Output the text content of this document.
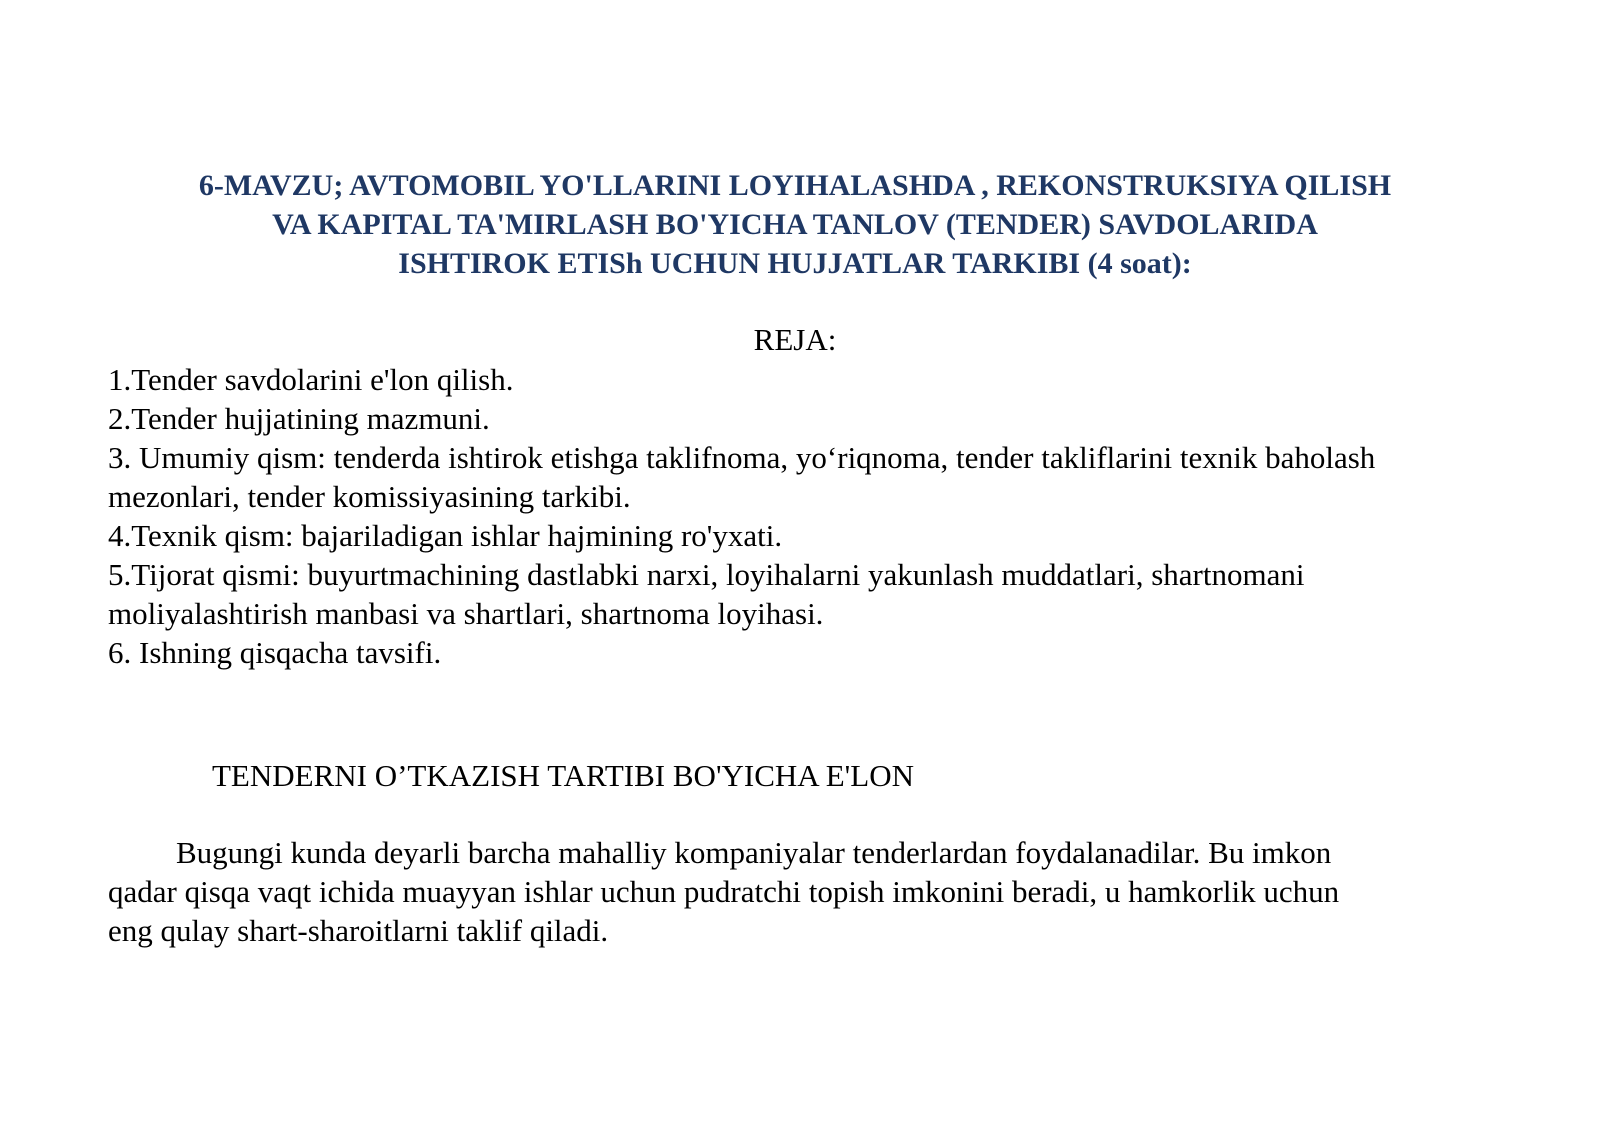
6-MAVZU; AVTOMOBIL YO'LLARINI LOYIHALASHDA , REKONSTRUKSIYA QILISH
VA KAPITAL TA'MIRLASH BO'YICHA TANLOV (TENDER) SAVDOLARIDA
ISHTIROK ETISh UCHUN HUJJATLAR TARKIBI (4 soat):
REJA:
1.Tender savdolarini e'lon qilish.
2.Tender hujjatining mazmuni.
3. Umumiy qism: tenderda ishtirok etishga taklifnoma, yo‘riqnoma, tender takliflarini texnik baholash mezonlari, tender komissiyasining tarkibi.
4.Texnik qism: bajariladigan ishlar hajmining ro'yxati.
5.Tijorat qismi: buyurtmachining dastlabki narxi, loyihalarni yakunlash muddatlari, shartnomani moliyalashtirish manbasi va shartlari, shartnoma loyihasi.
6. Ishning qisqacha tavsifi.
TENDERNI O’TKAZISH TARTIBI BO'YICHA E'LON
Bugungi kunda deyarli barcha mahalliy kompaniyalar tenderlardan foydalanadilar. Bu imkon
qadar qisqa vaqt ichida muayyan ishlar uchun pudratchi topish imkonini beradi, u hamkorlik uchun
eng qulay shart-sharoitlarni taklif qiladi.
